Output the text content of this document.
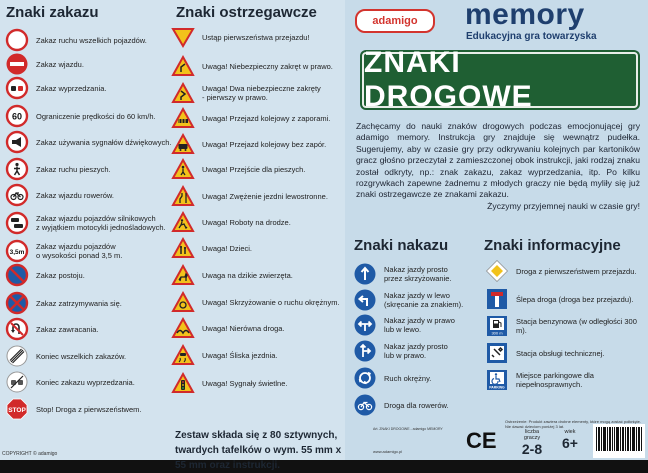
Znaki zakazu
Zakaz ruchu wszelkich pojazdów.
Zakaz wjazdu.
Zakaz wyprzedzania.
60 Ograniczenie prędkości do 60 km/h.
Zakaz używania sygnałów dźwiękowych.
Zakaz ruchu pieszych.
Zakaz wjazdu rowerów.
Zakaz wjazdu pojazdów silnikowych
z wyjątkiem motocykli jednośladowych.
3,5m
Zakaz wjazdu pojazdów
o wysokości ponad 3,5 m.
Zakaz postoju.
Zakaz zatrzymywania się.
Zakaz zawracania.
Koniec wszelkich zakazów.
Koniec zakazu wyprzedzania.
STOP Stop! Droga z pierwszeństwem.
Znaki ostrzegawcze
Ustąp pierwszeństwa przejazdu!
Uwaga! Niebezpieczny zakręt w prawo.
Uwaga! Dwa niebezpieczne zakręty
- pierwszy w prawo.
Uwaga! Przejazd kolejowy z zaporami.
Uwaga! Przejazd kolejowy bez zapór.
Uwaga! Przejście dla pieszych.
Uwaga! Zwężenie jezdni lewostronne.
Uwaga! Roboty na drodze.
Uwaga! Dzieci.
Uwaga na dzikie zwierzęta.
Uwaga! Skrzyżowanie o ruchu okrężnym.
Uwaga! Nierówna droga.
Uwaga! Śliska jezdnia.
Uwaga! Sygnały świetlne.
adamigo	memory
Edukacyjna gra towarzyska
ZNAKI DROGOWE

Zachęcamy do nauki znaków drogowych podczas emocjonującej gry adamigo memory. Instrukcja gry znajduje się wewnątrz pudełka. Sugerujemy, aby w czasie gry przy odkrywaniu kolejnych par kartoników gracz głośno przeczytał z zamieszczonej obok instrukcji, jaki rodzaj znaku został odkryty, np.: znak zakazu, zakaz wyprzedzania, itp. Po kilku rozgrywkach zapewne żadnemu z młodych graczy nie będą myliły się już znaki ostrzegawcze ze znakami zakazu.

Życzymy przyjemnej nauki w czasie gry!

Znaki nakazu
Nakaz jazdy prosto
przez skrzyżowanie.
Nakaz jazdy w lewo
(skręcanie za znakiem).
Nakaz jazdy w prawo
lub w lewo.
Nakaz jazdy prosto
lub w prawo.
Ruch okrężny.
Droga dla rowerów.
Znaki informacyjne
Droga z pierwszeństwem przejazdu.
Ślepa droga (droga bez przejazdu).
300 m
Stacja benzynowa (w odległości 300 m).
Stacja obsługi technicznej.
PARKING
Miejsce parkingowe dla niepełnosprawnych.
Zestaw składa się z 80 sztywnych, twardych tafelków o wym. 55 mm x 55 mm oraz instrukcji.
COPYRIGHT © adamigo
Art. ZNAKI DROGOWE - adamigo MEMORY
www.adamigo.pl
Ostrzeżenie: Produkt zawiera drobne elementy, które mogą zostać połknięte. Nie dawać dzieciom poniżej 3 lat.
CE	liczba
graczy
2-8
wiek
6+
